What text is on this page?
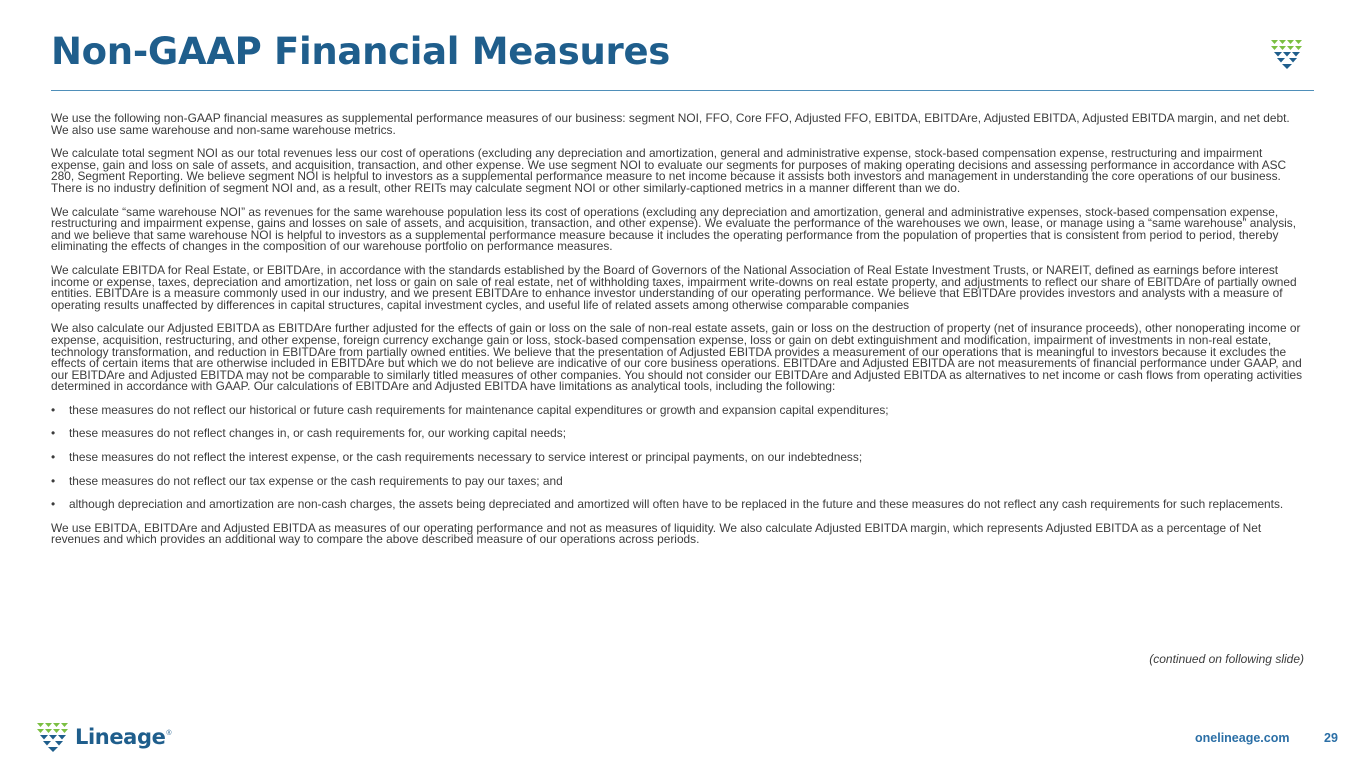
Non-GAAP Financial Measures

We use the following non-GAAP financial measures as supplemental performance measures of our business: segment NOI, FFO, Core FFO, Adjusted FFO, EBITDA, EBITDAre, Adjusted EBITDA, Adjusted EBITDA margin, and net debt. We also use same warehouse and non-same warehouse metrics.

We calculate total segment NOI as our total revenues less our cost of operations (excluding any depreciation and amortization, general and administrative expense, stock-based compensation expense, restructuring and impairment expense, gain and loss on sale of assets, and acquisition, transaction, and other expense. We use segment NOI to evaluate our segments for purposes of making operating decisions and assessing performance in accordance with ASC 280, Segment Reporting. We believe segment NOI is helpful to investors as a supplemental performance measure to net income because it assists both investors and management in understanding the core operations of our business. There is no industry definition of segment NOI and, as a result, other REITs may calculate segment NOI or other similarly-captioned metrics in a manner different than we do.

We calculate “same warehouse NOI” as revenues for the same warehouse population less its cost of operations (excluding any depreciation and amortization, general and administrative expenses, stock-based compensation expense, restructuring and impairment expense, gains and losses on sale of assets, and acquisition, transaction, and other expense). We evaluate the performance of the warehouses we own, lease, or manage using a “same warehouse” analysis, and we believe that same warehouse NOI is helpful to investors as a supplemental performance measure because it includes the operating performance from the population of properties that is consistent from period to period, thereby eliminating the effects of changes in the composition of our warehouse portfolio on performance measures.

We calculate EBITDA for Real Estate, or EBITDAre, in accordance with the standards established by the Board of Governors of the National Association of Real Estate Investment Trusts, or NAREIT, defined as earnings before interest income or expense, taxes, depreciation and amortization, net loss or gain on sale of real estate, net of withholding taxes, impairment write-downs on real estate property, and adjustments to reflect our share of EBITDAre of partially owned entities. EBITDAre is a measure commonly used in our industry, and we present EBITDAre to enhance investor understanding of our operating performance. We believe that EBITDAre provides investors and analysts with a measure of operating results unaffected by differences in capital structures, capital investment cycles, and useful life of related assets among otherwise comparable companies

We also calculate our Adjusted EBITDA as EBITDAre further adjusted for the effects of gain or loss on the sale of non-real estate assets, gain or loss on the destruction of property (net of insurance proceeds), other nonoperating income or expense, acquisition, restructuring, and other expense, foreign currency exchange gain or loss, stock-based compensation expense, loss or gain on debt extinguishment and modification, impairment of investments in non-real estate, technology transformation, and reduction in EBITDAre from partially owned entities. We believe that the presentation of Adjusted EBITDA provides a measurement of our operations that is meaningful to investors because it excludes the effects of certain items that are otherwise included in EBITDAre but which we do not believe are indicative of our core business operations. EBITDAre and Adjusted EBITDA are not measurements of financial performance under GAAP, and our EBITDAre and Adjusted EBITDA may not be comparable to similarly titled measures of other companies. You should not consider our EBITDAre and Adjusted EBITDA as alternatives to net income or cash flows from operating activities determined in accordance with GAAP. Our calculations of EBITDAre and Adjusted EBITDA have limitations as analytical tools, including the following:

• these measures do not reflect our historical or future cash requirements for maintenance capital expenditures or growth and expansion capital expenditures;
• these measures do not reflect changes in, or cash requirements for, our working capital needs;
• these measures do not reflect the interest expense, or the cash requirements necessary to service interest or principal payments, on our indebtedness;
• these measures do not reflect our tax expense or the cash requirements to pay our taxes; and
• although depreciation and amortization are non-cash charges, the assets being depreciated and amortized will often have to be replaced in the future and these measures do not reflect any cash requirements for such replacements.

We use EBITDA, EBITDAre and Adjusted EBITDA as measures of our operating performance and not as measures of liquidity. We also calculate Adjusted EBITDA margin, which represents Adjusted EBITDA as a percentage of Net revenues and which provides an additional way to compare the above described measure of our operations across periods.

(continued on following slide)
Lineage ®	onelineage.com	29
